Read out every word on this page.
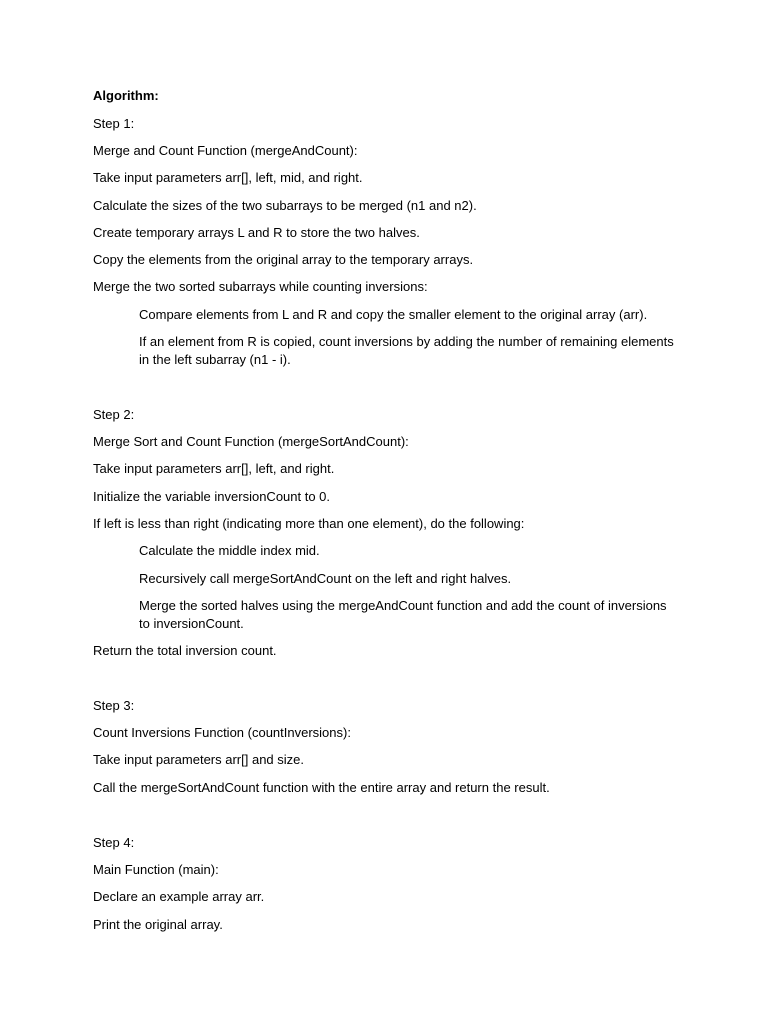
Algorithm:
Step 1:
Merge and Count Function (mergeAndCount):
Take input parameters arr[], left, mid, and right.
Calculate the sizes of the two subarrays to be merged (n1 and n2).
Create temporary arrays L and R to store the two halves.
Copy the elements from the original array to the temporary arrays.
Merge the two sorted subarrays while counting inversions:
Compare elements from L and R and copy the smaller element to the original array (arr).
If an element from R is copied, count inversions by adding the number of remaining elements in the left subarray (n1 - i).
Step 2:
Merge Sort and Count Function (mergeSortAndCount):
Take input parameters arr[], left, and right.
Initialize the variable inversionCount to 0.
If left is less than right (indicating more than one element), do the following:
Calculate the middle index mid.
Recursively call mergeSortAndCount on the left and right halves.
Merge the sorted halves using the mergeAndCount function and add the count of inversions to inversionCount.
Return the total inversion count.
Step 3:
Count Inversions Function (countInversions):
Take input parameters arr[] and size.
Call the mergeSortAndCount function with the entire array and return the result.
Step 4:
Main Function (main):
Declare an example array arr.
Print the original array.
